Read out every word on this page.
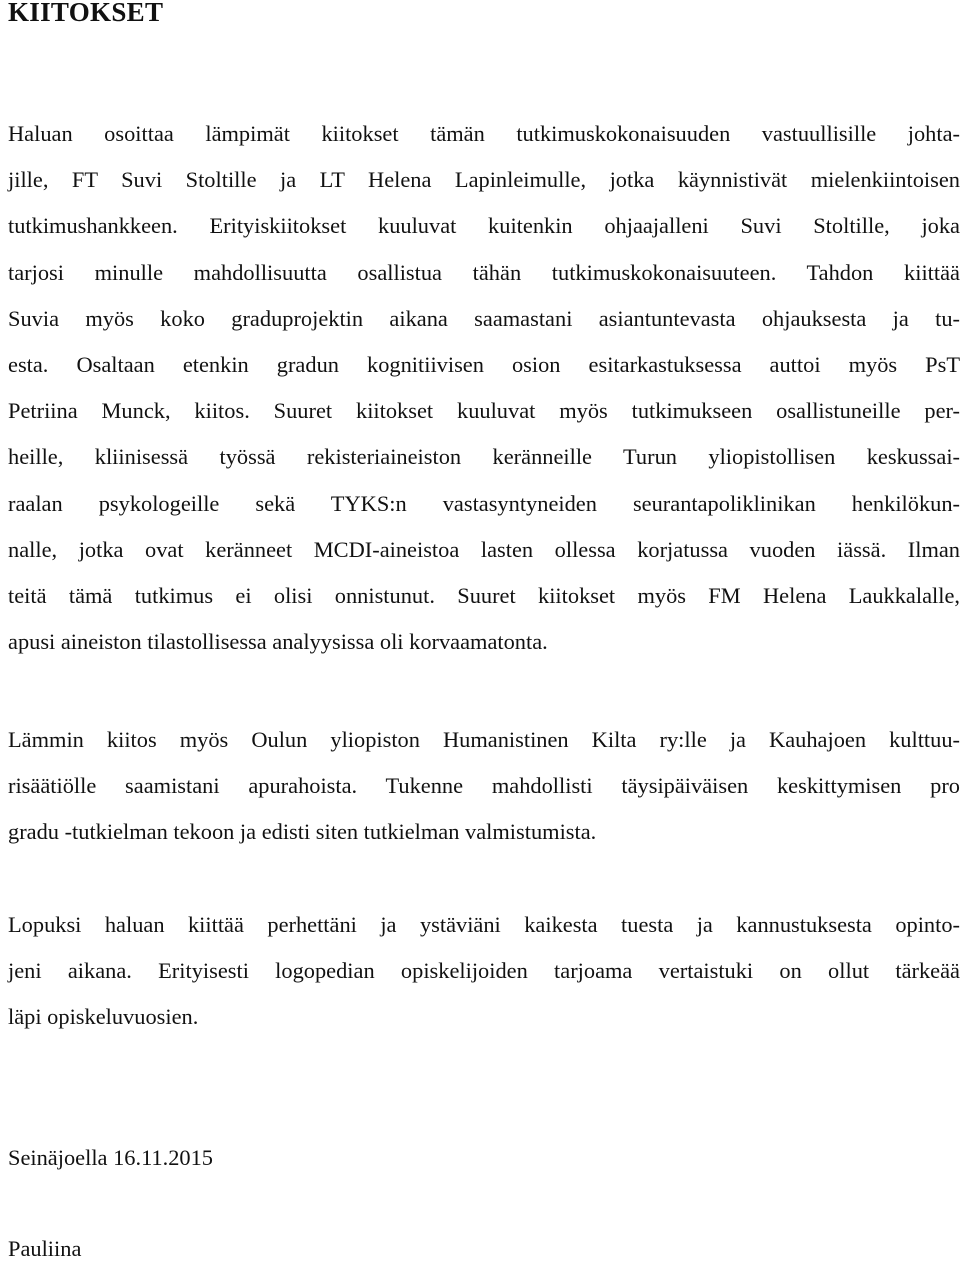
KIITOKSET
Haluan osoittaa lämpimät kiitokset tämän tutkimuskokonaisuuden vastuullisille johta-
jille, FT Suvi Stoltille ja LT Helena Lapinleimulle, jotka käynnistivät mielenkiintoisen
tutkimushankkeen. Erityiskiitokset kuuluvat kuitenkin ohjaajalleni Suvi Stoltille, joka
tarjosi minulle mahdollisuutta osallistua tähän tutkimuskokonaisuuteen. Tahdon kiittää
Suvia myös koko graduprojektin aikana saamastani asiantuntevasta ohjauksesta ja tu-
esta. Osaltaan etenkin gradun kognitiivisen osion esitarkastuksessa auttoi myös PsT
Petriina Munck, kiitos. Suuret kiitokset kuuluvat myös tutkimukseen osallistuneille per-
heille, kliinisessä työssä rekisteriaineiston keränneille Turun yliopistollisen keskussai-
raalan psykologeille sekä TYKS:n vastasyntyneiden seurantapoliklinikan henkilökun-
nalle, jotka ovat keränneet MCDI-aineistoa lasten ollessa korjatussa vuoden iässä. Ilman
teitä tämä tutkimus ei olisi onnistunut. Suuret kiitokset myös FM Helena Laukkalalle,
apusi aineiston tilastollisessa analyysissa oli korvaamatonta.
Lämmin kiitos myös Oulun yliopiston Humanistinen Kilta ry:lle ja Kauhajoen kulttuu-
risäätiölle saamistani apurahoista. Tukenne mahdollisti täysipäiväisen keskittymisen pro
gradu -tutkielman tekoon ja edisti siten tutkielman valmistumista.
Lopuksi haluan kiittää perhettäni ja ystäviäni kaikesta tuesta ja kannustuksesta opinto-
jeni aikana. Erityisesti logopedian opiskelijoiden tarjoama vertaistuki on ollut tärkeää
läpi opiskeluvuosien.

Seinäjoella 16.11.2015

Pauliina
